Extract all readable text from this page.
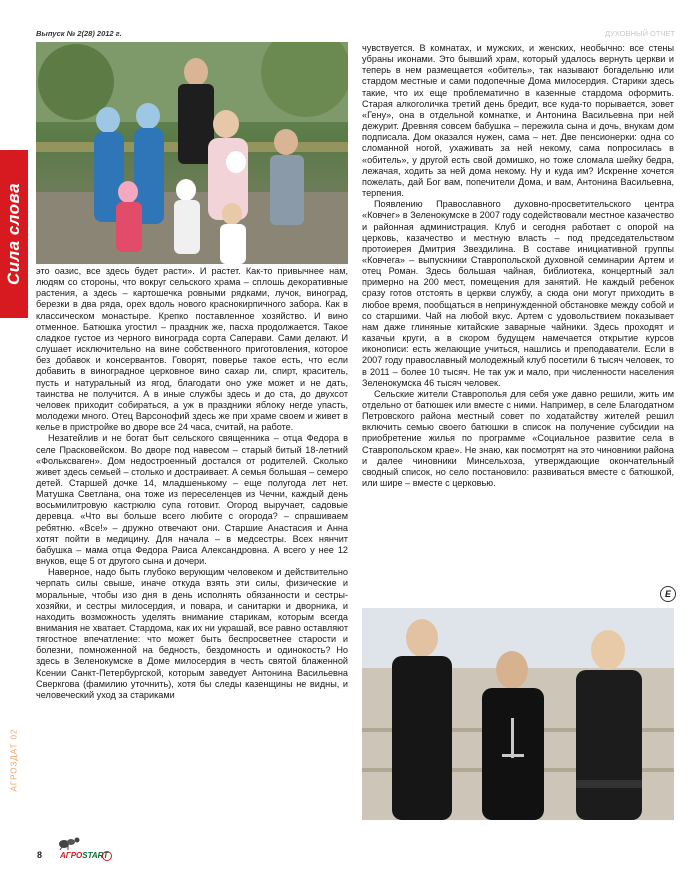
Выпуск № 2(28) 2012 г.	ДУХОВНЫЙ ОТЧЕТ
Сила слова
АГРОЗДАТ 02

это оазис, все здесь будет расти». И растет. Как-то привычнее нам, людям со стороны, что вокруг сельского храма – сплошь декоративные растения, а здесь – картошечка ровными рядками, лучок, виноград, березки в два ряда, орех вдоль нового краснокирпичного забора. Как в классическом монастыре. Крепко поставленное хозяйство. И вино отменное. Батюшка угостил – праздник же, пасха продолжается. Такое сладкое густое из черного винограда сорта Саперави. Сами делают. И слушает исключительно на вине собственного приготовления, которое без добавок и консервантов. Говорят, поверье такое есть, что если добавить в виноградное церковное вино сахар ли, спирт, краситель, пусть и натуральный из ягод, благодати оно уже может и не дать, таинства не получится. А в иные службы здесь и до ста, до двухсот человек приходит собираться, а уж в праздники яблоку негде упасть, молодежи много. Отец Варсонофий здесь же при храме своем и живет в келье в пристройке во дворе все 24 часа, считай, на работе.

Незатейлив и не богат быт сельского священника – отца Федора в селе Прасковейском. Во дворе под навесом – старый битый 18-летний «Фольксваген». Дом недостроенный достался от родителей. Сколько живет здесь семьей – столько и достраивает. А семья большая – семеро детей. Старшей дочке 14, младшенькому – еще полугода лет нет. Матушка Светлана, она тоже из переселенцев из Чечни, каждый день восьмилитровую кастрюлю супа готовит. Огород выручает, садовые деревца. «Что вы больше всего любите с огорода? – спрашиваем ребятню. «Все!» – дружно отвечают они. Старшие Анастасия и Анна хотят пойти в медицину. Для начала – в медсестры. Всех нянчит бабушка – мама отца Федора Раиса Александровна. А всего у нее 12 внуков, еще 5 от другого сына и дочери.

Наверное, надо быть глубоко верующим человеком и действительно черпать силы свыше, иначе откуда взять эти силы, физические и моральные, чтобы изо дня в день исполнять обязанности и сестры-хозяйки, и сестры милосердия, и повара, и санитарки и дворника, и находить возможность уделять внимание старикам, которым всегда внимания не хватает. Стардома, как их ни украшай, все равно оставляют тягостное впечатление: что может быть беспросветнее старости и болезни, помноженной на бедность, бездомность и одинокость? Но здесь в Зеленокумске в Доме милосердия в честь святой блаженной Ксении Санкт-Петербургской, которым заведует Антонина Васильевна Сверкгова (фамилию уточнить), хотя бы следы казенщины не видны, и человеческий уход за стариками

чувствуется. В комнатах, и мужских, и женских, необычно: все стены убраны иконами. Это бывший храм, который удалось вернуть церкви и теперь в нем размещается «обитель», так называют богадельню или стардом местные и сами подопечные Дома милосердия. Старики здесь такие, что их еще проблематично в казенные стардома оформить. Старая алкоголичка третий день бредит, все куда-то порывается, зовет «Гену», она в отдельной комнатке, и Антонина Васильевна при ней дежурит. Древняя совсем бабушка – пережила сына и дочь, внукам дом подписала. Дом оказался нужен, сама – нет. Две пенсионерки: одна со сломанной ногой, ухаживать за ней некому, сама попросилась в «обитель», у другой есть свой домишко, но тоже сломала шейку бедра, лежачая, ходить за ней дома некому. Ну и куда им? Искренне хочется пожелать, дай Бог вам, попечители Дома, и вам, Антонина Васильевна, терпения.

Появлению Православного духовно-просветительского центра «Ковчег» в Зеленокумске в 2007 году содействовали местное казачество и районная администрация. Клуб и сегодня работает с опорой на церковь, казачество и местную власть – под председательством протоиерея Дмитрия Звездилина. В составе инициативной группы «Ковчега» – выпускники Ставропольской духовной семинарии Артем и отец Роман. Здесь большая чайная, библиотека, концертный зал примерно на 200 мест, помещения для занятий. Не каждый ребенок сразу готов отстоять в церкви службу, а сюда они могут приходить в любое время, пообщаться в непринужденной обстановке между собой и со старшими. Чай на любой вкус. Артем с удовольствием показывает нам даже глиняные китайские заварные чайники. Здесь проходят и казачьи круги, а в скором будущем намечается открытие курсов иконописи: есть желающие учиться, нашлись и преподаватели. Если в 2007 году православный молодежный клуб посетили 6 тысяч человек, то в 2011 – более 10 тысяч. Не так уж и мало, при численности населения Зеленокумска 46 тысяч человек.

Сельские жители Ставрополья для себя уже давно решили, жить им отдельно от батюшек или вместе с ними. Например, в селе Благодатном Петровского района местный совет по ходатайству жителей решил включить семью своего батюшки в список на получение субсидии на приобретение жилья по программе «Социальное развитие села в Ставропольском крае». Не знаю, как посмотрят на это чиновники района и далее чиновники Минсельхоза, утверждающие окончательный сводный список, но село постановило: развиваться вместе с батюшкой, или шире – вместе с церковью.

Е
8 АГРОSTART
